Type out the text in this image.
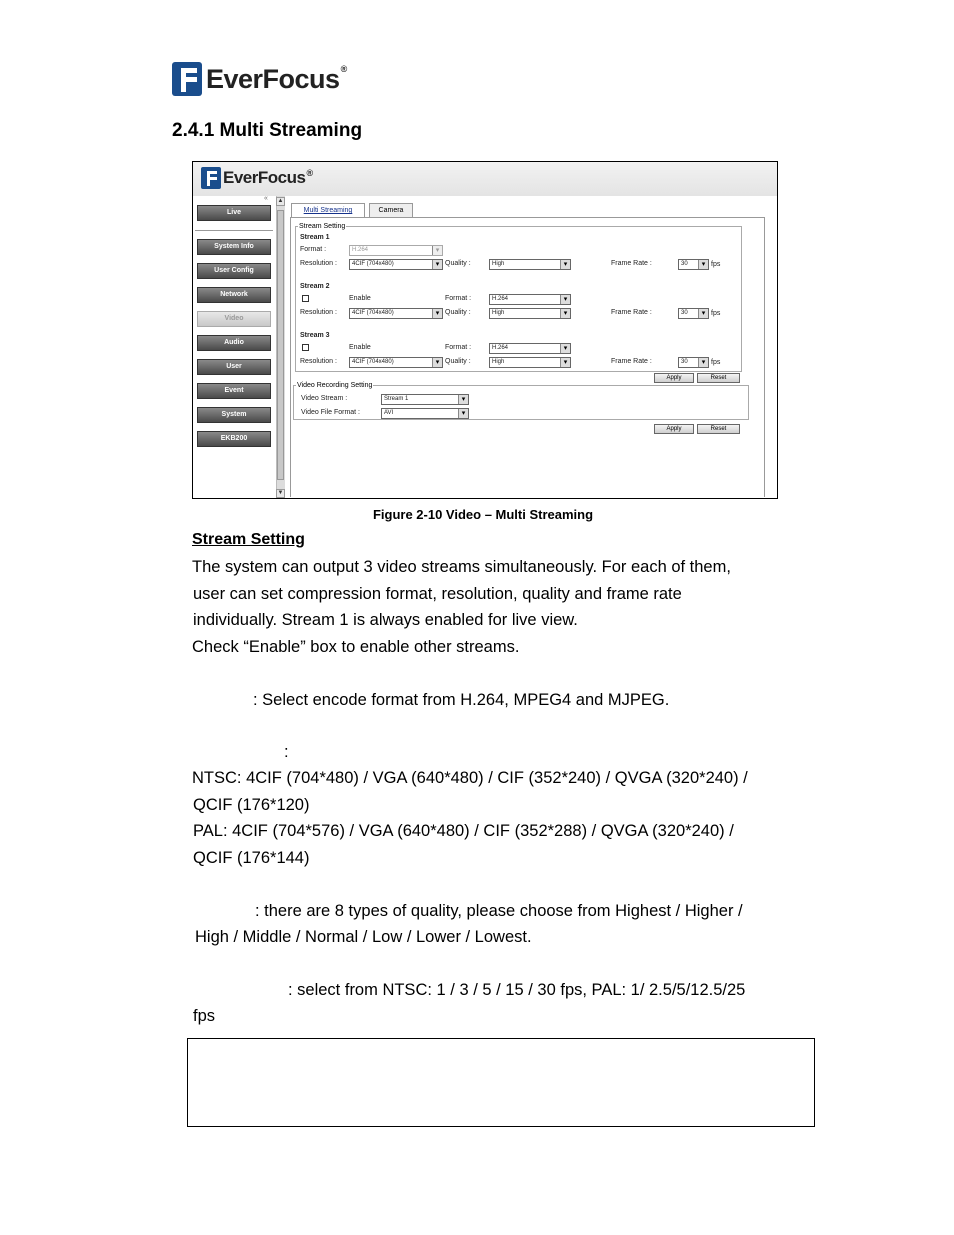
EverFocus®
2.4.1 Multi Streaming
EverFocus®
«
Live
System Info
User Config
Network
Video
Audio
User
Event
System
EKB200
▲
▼
Multi Streaming	Camera
Stream Setting
Stream 1
Format :	H.264 ▾
Resolution :	4CIF (704x480) ▾	Quality :	High ▾	Frame Rate :	30 ▾	fps
Stream 2
Enable	Format :	H.264 ▾
Resolution :	4CIF (704x480) ▾	Quality :	High ▾	Frame Rate :	30 ▾	fps
Stream 3
Enable	Format :	H.264 ▾
Resolution :	4CIF (704x480) ▾	Quality :	High ▾	Frame Rate :	30 ▾	fps
Apply	Reset
Video Recording Setting
Video Stream :	Stream 1 ▾
Video File Format :	AVI ▾
Apply	Reset
Figure 2-10 Video – Multi Streaming
Stream Setting
The system can output 3 video streams simultaneously. For each of them,
user can set compression format, resolution, quality and frame rate
individually. Stream 1 is always enabled for live view.
Check “Enable” box to enable other streams.
: Select encode format from H.264, MPEG4 and MJPEG.
:
NTSC: 4CIF (704*480) / VGA (640*480) / CIF (352*240) / QVGA (320*240) /
QCIF (176*120)
PAL: 4CIF (704*576) / VGA (640*480) / CIF (352*288) / QVGA (320*240) /
QCIF (176*144)
: there are 8 types of quality, please choose from Highest / Higher /
High / Middle / Normal / Low / Lower / Lowest.
: select from NTSC: 1 / 3 / 5 / 15 / 30 fps, PAL: 1/ 2.5/5/12.5/25
fps
